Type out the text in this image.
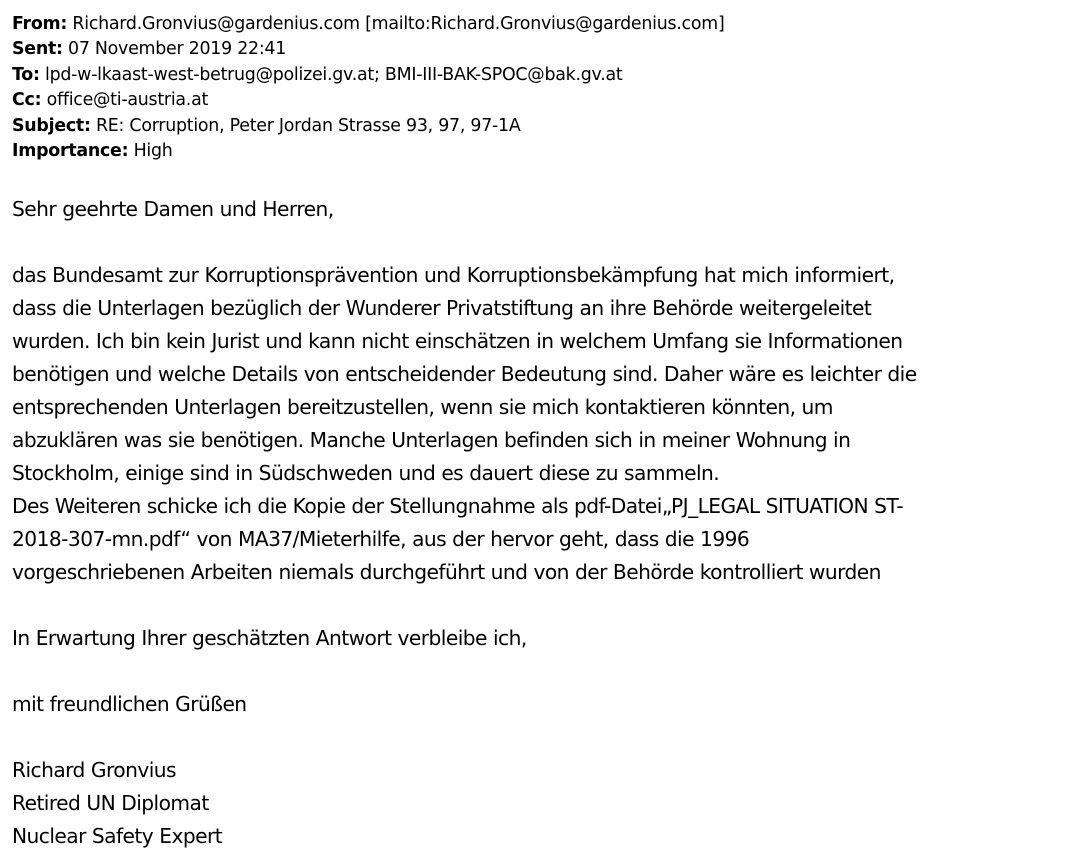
From: Richard.Gronvius@gardenius.com [mailto:Richard.Gronvius@gardenius.com]
Sent: 07 November 2019 22:41
To: lpd-w-lkaast-west-betrug@polizei.gv.at; BMI-III-BAK-SPOC@bak.gv.at
Cc: office@ti-austria.at
Subject: RE: Corruption, Peter Jordan Strasse 93, 97, 97-1A
Importance: High
Sehr geehrte Damen und Herren,
das Bundesamt zur Korruptionsprävention und Korruptionsbekämpfung hat mich informiert,
dass die Unterlagen bezüglich der Wunderer Privatstiftung an ihre Behörde weitergeleitet
wurden. Ich bin kein Jurist und kann nicht einschätzen in welchem Umfang sie Informationen
benötigen und welche Details von entscheidender Bedeutung sind. Daher wäre es leichter die
entsprechenden Unterlagen bereitzustellen, wenn sie mich kontaktieren könnten, um
abzuklären was sie benötigen. Manche Unterlagen befinden sich in meiner Wohnung in
Stockholm, einige sind in Südschweden und es dauert diese zu sammeln.
Des Weiteren schicke ich die Kopie der Stellungnahme als pdf-Datei„PJ_LEGAL SITUATION ST-
2018-307-mn.pdf“ von MA37/Mieterhilfe, aus der hervor geht, dass die 1996
vorgeschriebenen Arbeiten niemals durchgeführt und von der Behörde kontrolliert wurden
In Erwartung Ihrer geschätzten Antwort verbleibe ich,
mit freundlichen Grüßen
Richard Gronvius
Retired UN Diplomat
Nuclear Safety Expert
